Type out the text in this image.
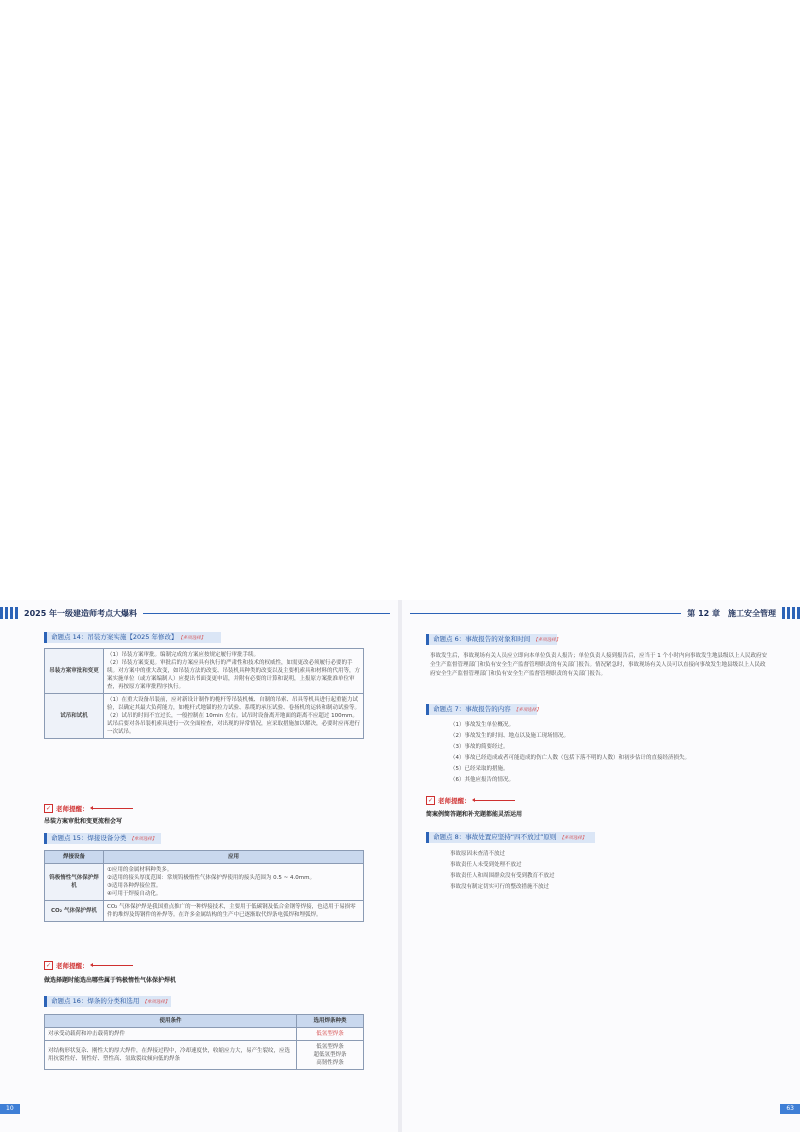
2025 年一级建造师考点大爆料
命题点 14：吊装方案实施【2025 年修改】 【多项选择】
吊装方案审批和变更	（1）吊装方案审批。编制完成的方案应按规定履行审批手续。
（2）吊装方案变更。审批后的方案应具有执行的严肃性和技术的权威性，如需更改必须履行必要的手续。对方案中的重大改变，如吊装方法的改变、吊装机具种类的改变以及主要机索具和材料的代用等，方案实施单位（或方案编制人）应提出书面变更申请，并附有必要的计算和说明，上报原方案批准单位审查，再按原方案审批程序执行。

试吊和试机	（1）在重大设备吊装前，应对新设计制作的桅杆等吊装机械、自制的吊索、吊具等机具进行起重能力试验，以确定其最大负荷能力，如桅杆式地锚的拉力试验、系缆的承压试验、卷扬机的运转和制动试验等。
（2）试吊的时间不宜过长，一般控制在 10min 左右。试吊时设备离开地面的距离不应超过 100mm。试吊后要对各吊装机索具进行一次全面检查，对出现的异常情况，应采取措施加以解决，必要时应再进行一次试吊。
✓ 老师提醒：
吊装方案审批和变更流程会写
命题点 15：焊接设备分类 【单项选择】
焊接设备	应用
钨极惰性气体保护焊机	①应用的金属材料种类多。
②适用的接头厚度范围：常规钨极惰性气体保护焊使用的接头范围为 0.5 ~ 4.0mm。
③适用各种焊接位置。
④可用于焊接自动化。

CO₂ 气体保护焊机	CO₂ 气体保护焊是我国重点推广的一种焊接技术，主要用于低碳钢及低合金钢等焊接，也适用于易损零件的堆焊及铸钢件的补焊等。在许多金属结构的生产中已逐渐取代焊条电弧焊和埋弧焊。
✓ 老师提醒：
做选择题时能选出哪些属于钨极惰性气体保护焊机
命题点 16：焊条的分类和选用 【单项选择】
使用条件	选用焊条种类
对承受动载荷和冲击载荷的焊件	低氢型焊条

对结构形状复杂、刚性大的厚大焊件，在焊接过程中，冷却速度快，收缩应力大，易产生裂纹，应选用抗裂性好、韧性好、塑性高、氢致裂纹倾向低的焊条	低氢型焊条
超低氢型焊条
高韧性焊条
10
第 12 章　施工安全管理
命题点 6：事故报告的对象和时间 【多项选择】
事故发生后，事故现场有关人员应立即向本单位负责人报告；单位负责人接到报告后，应当于 1 个小时内向事故发生地县级以上人民政府安全生产监督管理部门和负有安全生产监督管理职责的有关部门报告。情况紧急时，事故现场有关人员可以直接向事故发生地县级以上人民政府安全生产监督管理部门和负有安全生产监督管理职责的有关部门报告。
命题点 7：事故报告的内容 【多项选择】
（1）事故发生单位概况。
（2）事故发生的时间、地点以及施工现场情况。
（3）事故的简要经过。
（4）事故已经造成或者可能造成的伤亡人数（包括下落不明的人数）和初步估计的直接经济损失。
（5）已经采取的措施。
（6）其他应报告的情况。
✓ 老师提醒：
简案例简答题和补充题都能灵活运用
命题点 8：事故处置应坚持“四不放过”原则 【多项选择】
事故原因未查清不放过
事故责任人未受到处理不放过
事故责任人和周围群众没有受到教育不放过
事故没有制定切实可行的整改措施不放过
63
